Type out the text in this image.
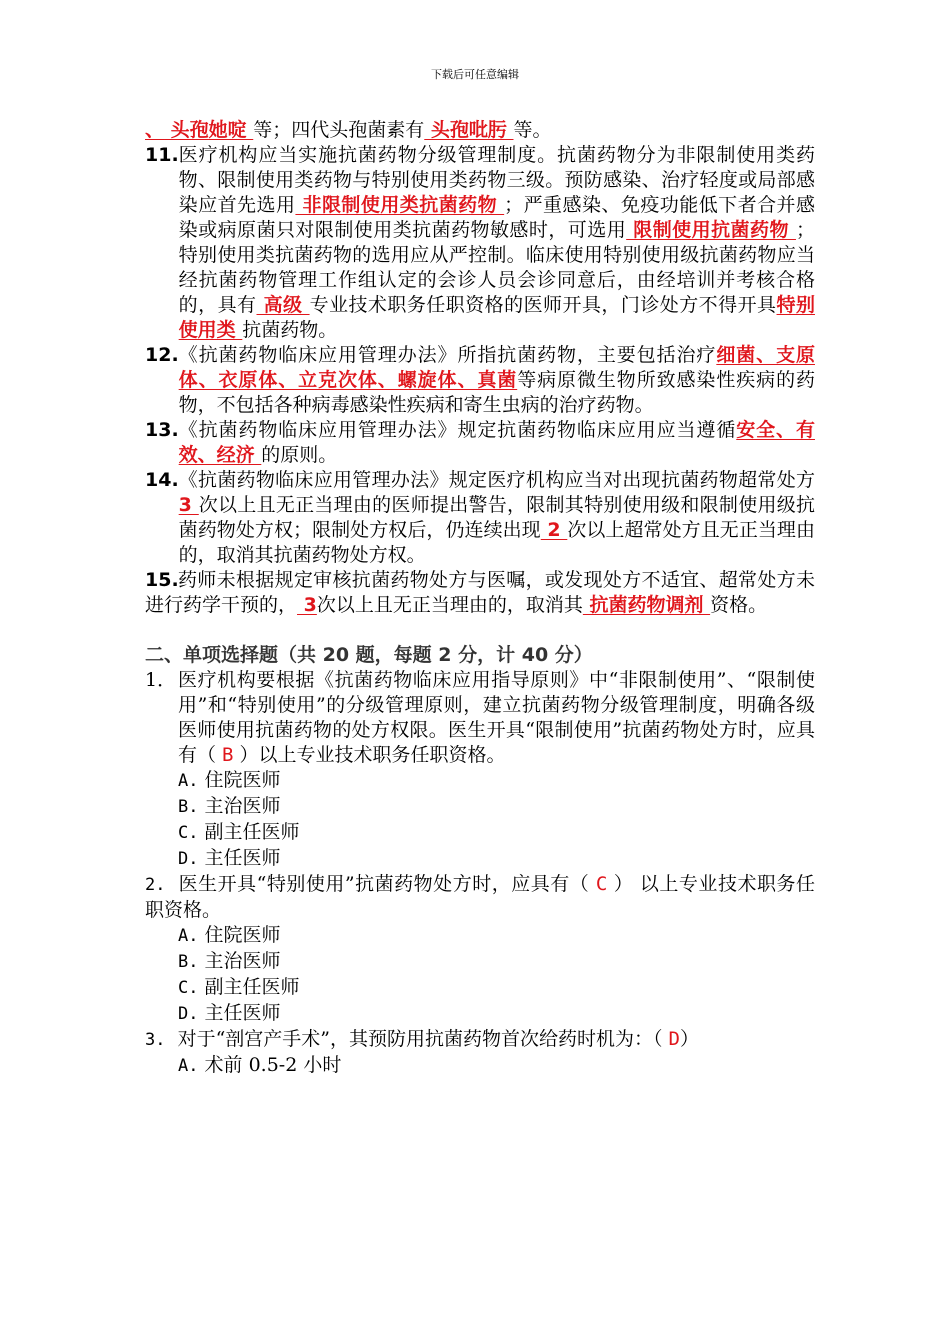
下载后可任意编辑

、 头孢她啶 等；四代头孢菌素有 头孢吡肟 等。

11. 医疗机构应当实施抗菌药物分级管理制度。抗菌药物分为非限制使用类药物、限制使用类药物与特别使用类药物三级。预防感染、治疗轻度或局部感染应首先选用 非限制使用类抗菌药物 ；严重感染、免疫功能低下者合并感染或病原菌只对限制使用类抗菌药物敏感时，可选用 限制使用抗菌药物 ；特别使用类抗菌药物的选用应从严控制。临床使用特别使用级抗菌药物应当经抗菌药物管理工作组认定的会诊人员会诊同意后，由经培训并考核合格的，具有 高级 专业技术职务任职资格的医师开具，门诊处方不得开具特别使用类 抗菌药物。
12. 《抗菌药物临床应用管理办法》所指抗菌药物，主要包括治疗细菌、支原体、衣原体、立克次体、螺旋体、真菌等病原微生物所致感染性疾病的药物，不包括各种病毒感染性疾病和寄生虫病的治疗药物。
13. 《抗菌药物临床应用管理办法》规定抗菌药物临床应用应当遵循安全、有效、经济 的原则。
14. 《抗菌药物临床应用管理办法》规定医疗机构应当对出现抗菌药物超常处方 3 次以上且无正当理由的医师提出警告，限制其特别使用级和限制使用级抗菌药物处方权；限制处方权后，仍连续出现 2 次以上超常处方且无正当理由的，取消其抗菌药物处方权。
15. 药师未根据规定审核抗菌药物处方与医嘱，或发现处方不适宜、超常处方未进行药学干预的， 3次以上且无正当理由的，取消其 抗菌药物调剂 资格。
二、单项选择题（共 20 题，每题 2 分，计 40 分）
1． 医疗机构要根据《抗菌药物临床应用指导原则》中“非限制使用”、“限制使用”和“特别使用”的分级管理原则，建立抗菌药物分级管理制度，明确各级医师使用抗菌药物的处方权限。医生开具“限制使用”抗菌药物处方时，应具有（ B ）以上专业技术职务任职资格。
A. 住院医师
B. 主治医师
C. 副主任医师
D. 主任医师

2. 医生开具“特别使用”抗菌药物处方时，应具有（ C ） 以上专业技术职务任职资格。

A. 住院医师
B. 主治医师
C. 副主任医师
D. 主任医师

3. 对于“剖宫产手术”，其预防用抗菌药物首次给药时机为：（ D）

A. 术前 0.5-2 小时
